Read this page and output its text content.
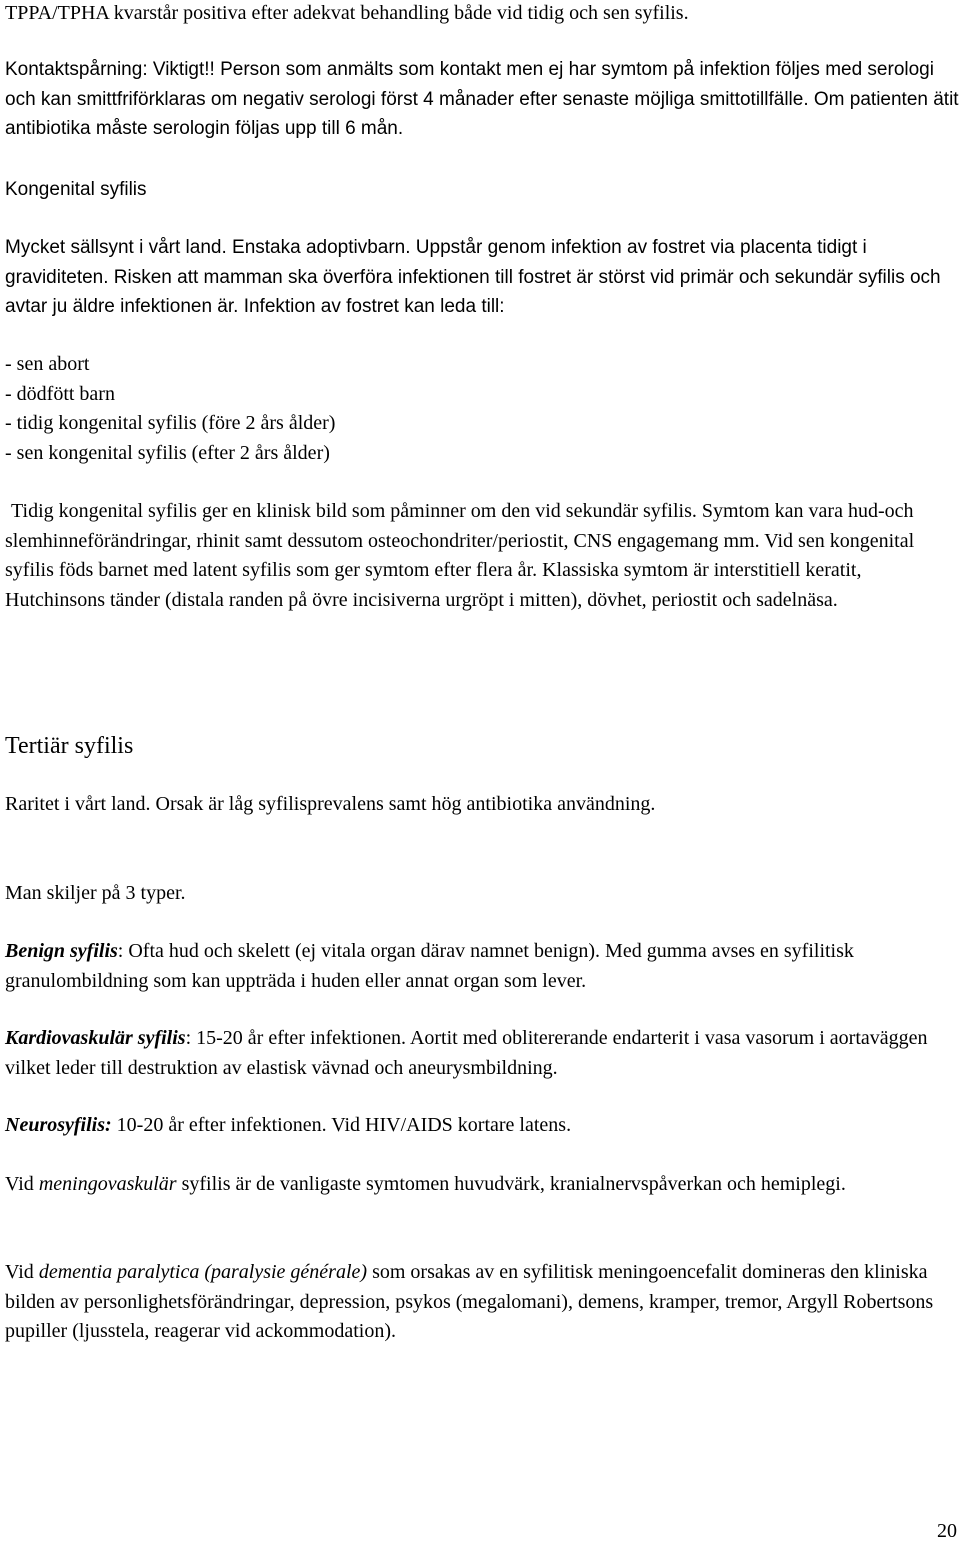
TPPA/TPHA kvarstår positiva efter adekvat behandling både vid tidig och sen syfilis.

Kontaktspårning: Viktigt!! Person som anmälts som kontakt men ej har symtom på infektion följes med serologi och kan smittfriförklaras om negativ serologi först 4 månader efter senaste möjliga smittotillfälle. Om patienten ätit antibiotika måste serologin följas upp till 6 mån.

Kongenital syfilis

Mycket sällsynt i vårt land. Enstaka adoptivbarn. Uppstår genom infektion av fostret via placenta tidigt i graviditeten. Risken att mamman ska överföra infektionen till fostret är störst vid primär och sekundär syfilis och avtar ju äldre infektionen är. Infektion av fostret kan leda till:

- sen abort
- dödfött barn
- tidig kongenital syfilis (före 2 års ålder)
- sen kongenital syfilis (efter 2 års ålder)

Tidig kongenital syfilis ger en klinisk bild som påminner om den vid sekundär syfilis. Symtom kan vara hud-och slemhinneförändringar, rhinit samt dessutom osteochondriter/periostit, CNS engagemang mm. Vid sen kongenital syfilis föds barnet med latent syfilis som ger symtom efter flera år. Klassiska symtom är interstitiell keratit, Hutchinsons tänder (distala randen på övre incisiverna urgröpt i mitten), dövhet, periostit och sadelnäsa.

Tertiär syfilis

Raritet i vårt land. Orsak är låg syfilisprevalens samt hög antibiotika användning.

Man skiljer på 3 typer.

Benign syfilis: Ofta hud och skelett (ej vitala organ därav namnet benign). Med gumma avses en syfilitisk granulombildning som kan uppträda i huden eller annat organ som lever.

Kardiovaskulär syfilis: 15-20 år efter infektionen. Aortit med oblitererande endarterit i vasa vasorum i aortaväggen vilket leder till destruktion av elastisk vävnad och aneurysmbildning.

Neurosyfilis: 10-20 år efter infektionen. Vid HIV/AIDS kortare latens.

Vid meningovaskulär syfilis är de vanligaste symtomen huvudvärk, kranialnervspåverkan och hemiplegi.

Vid dementia paralytica (paralysie générale) som orsakas av en syfilitisk meningoencefalit domineras den kliniska bilden av personlighetsförändringar, depression, psykos (megalomani), demens, kramper, tremor, Argyll Robertsons pupiller (ljusstela, reagerar vid ackommodation).

20
